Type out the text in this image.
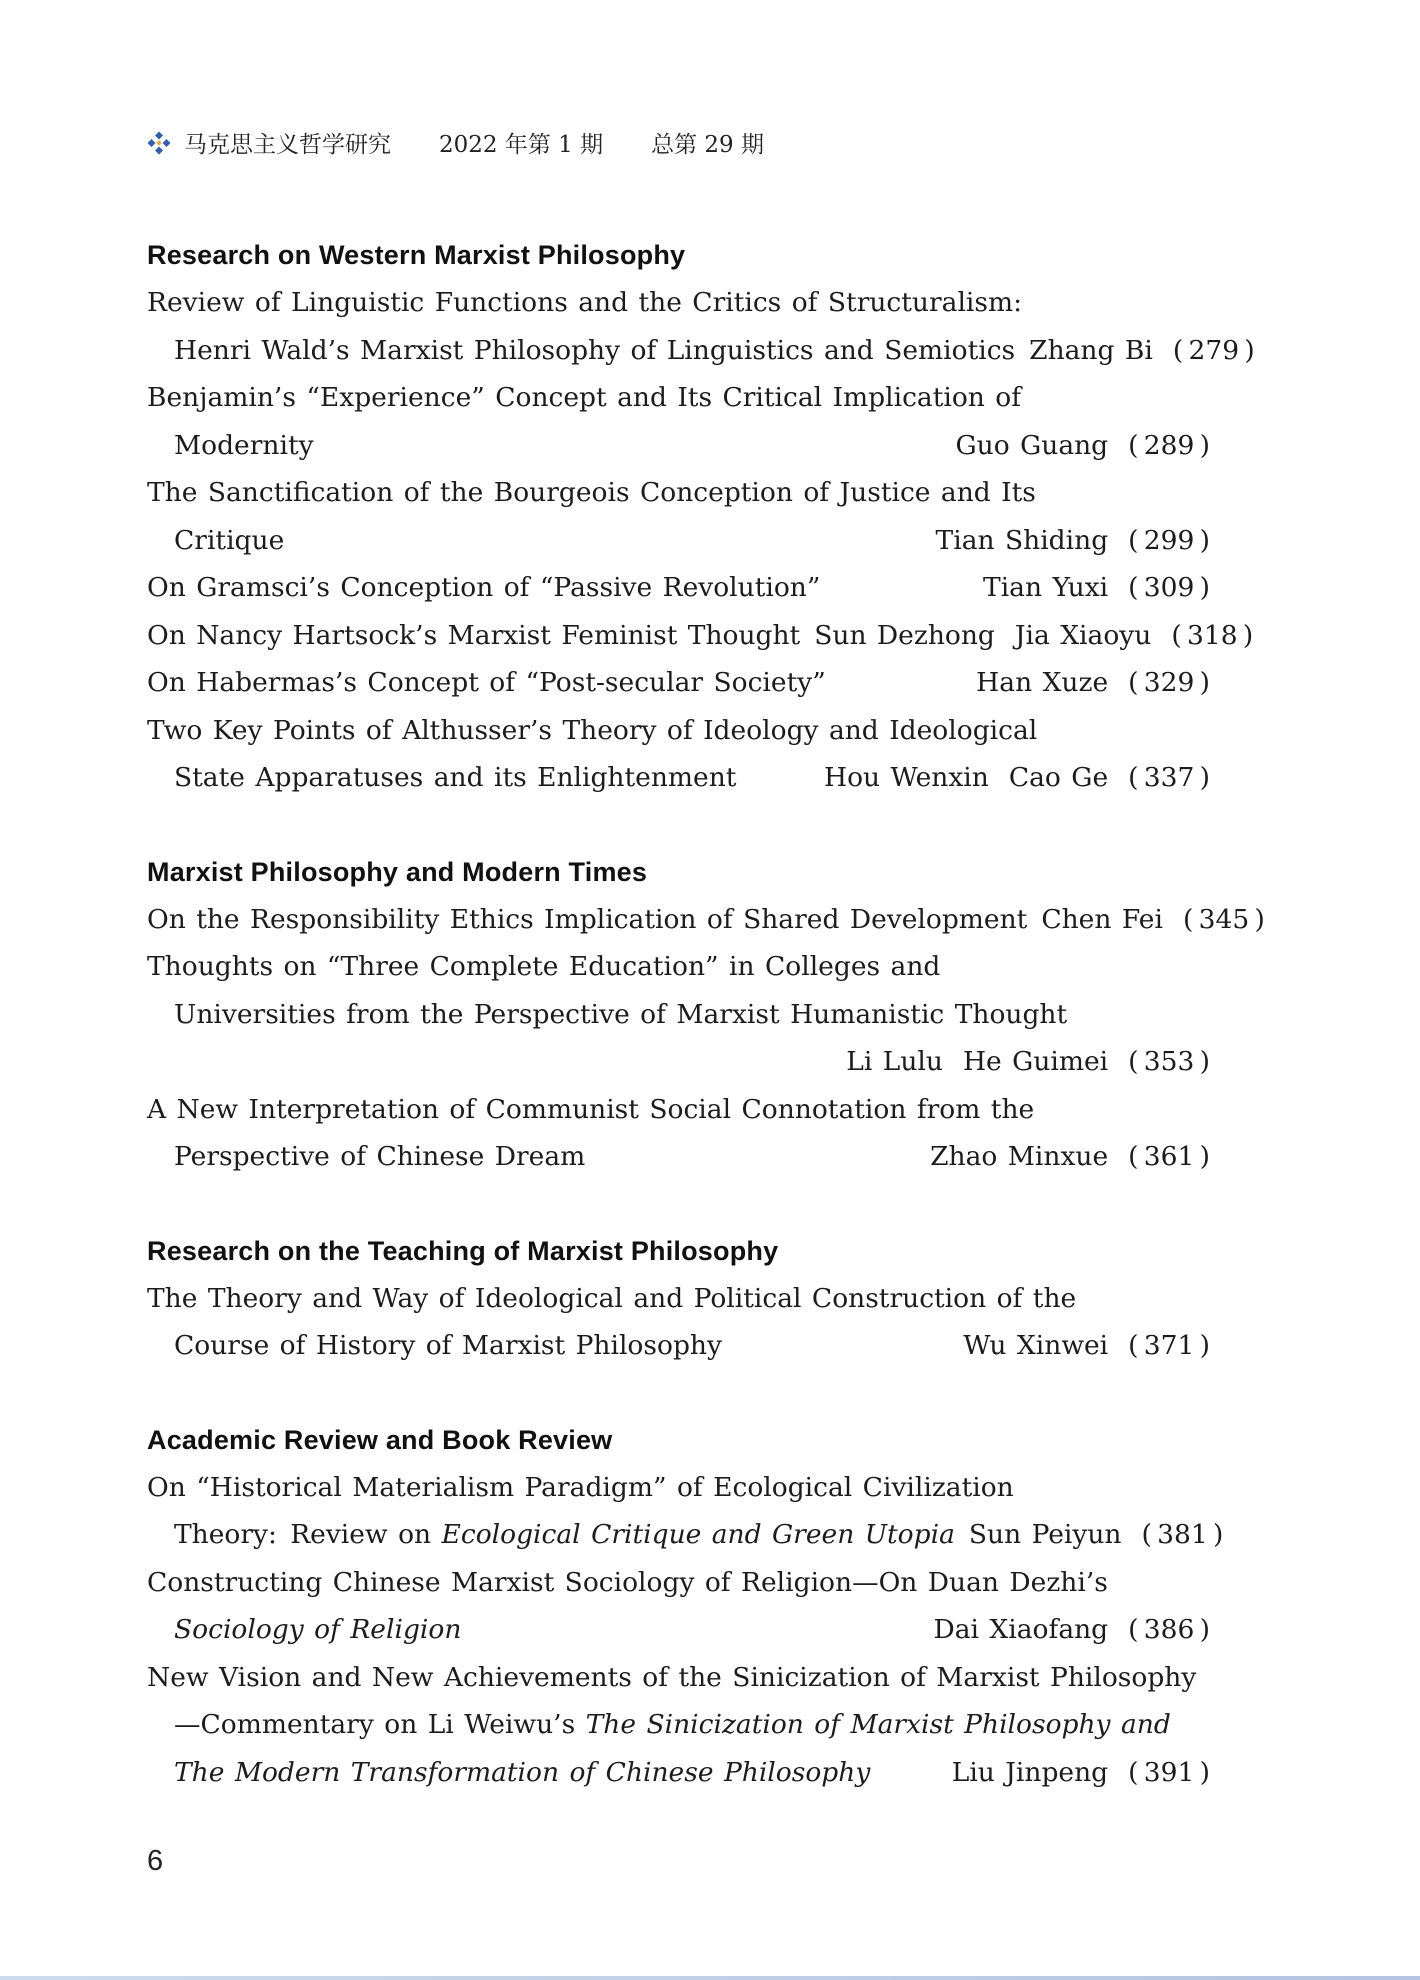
马克思主义哲学研究 2022 年第 1 期 总第 29 期
Research on Western Marxist Philosophy
Review of Linguistic Functions and the Critics of Structuralism:
Henri Wald’s Marxist Philosophy of Linguistics and Semiotics Zhang Bi ( 279 )
Benjamin’s “Experience” Concept and Its Critical Implication of
Modernity	Guo Guang ( 289 )
The Sanctification of the Bourgeois Conception of Justice and Its
Critique	Tian Shiding ( 299 )
On Gramsci’s Conception of “Passive Revolution”	Tian Yuxi ( 309 )
On Nancy Hartsock’s Marxist Feminist Thought Sun Dezhong Jia Xiaoyu ( 318 )
On Habermas’s Concept of “Post-secular Society”	Han Xuze ( 329 )
Two Key Points of Althusser’s Theory of Ideology and Ideological
State Apparatuses and its Enlightenment	Hou Wenxin Cao Ge ( 337 )
Marxist Philosophy and Modern Times
On the Responsibility Ethics Implication of Shared Development Chen Fei ( 345 )
Thoughts on “Three Complete Education” in Colleges and
Universities from the Perspective of Marxist Humanistic Thought
Li Lulu He Guimei ( 353 )
A New Interpretation of Communist Social Connotation from the
Perspective of Chinese Dream	Zhao Minxue ( 361 )
Research on the Teaching of Marxist Philosophy
The Theory and Way of Ideological and Political Construction of the
Course of History of Marxist Philosophy	Wu Xinwei ( 371 )
Academic Review and Book Review
On “Historical Materialism Paradigm” of Ecological Civilization
Theory: Review on Ecological Critique and Green Utopia Sun Peiyun ( 381 )
Constructing Chinese Marxist Sociology of Religion—On Duan Dezhi’s
Sociology of Religion	Dai Xiaofang ( 386 )
New Vision and New Achievements of the Sinicization of Marxist Philosophy
—Commentary on Li Weiwu’s The Sinicization of Marxist Philosophy and
The Modern Transformation of Chinese Philosophy	Liu Jinpeng ( 391 )
6
